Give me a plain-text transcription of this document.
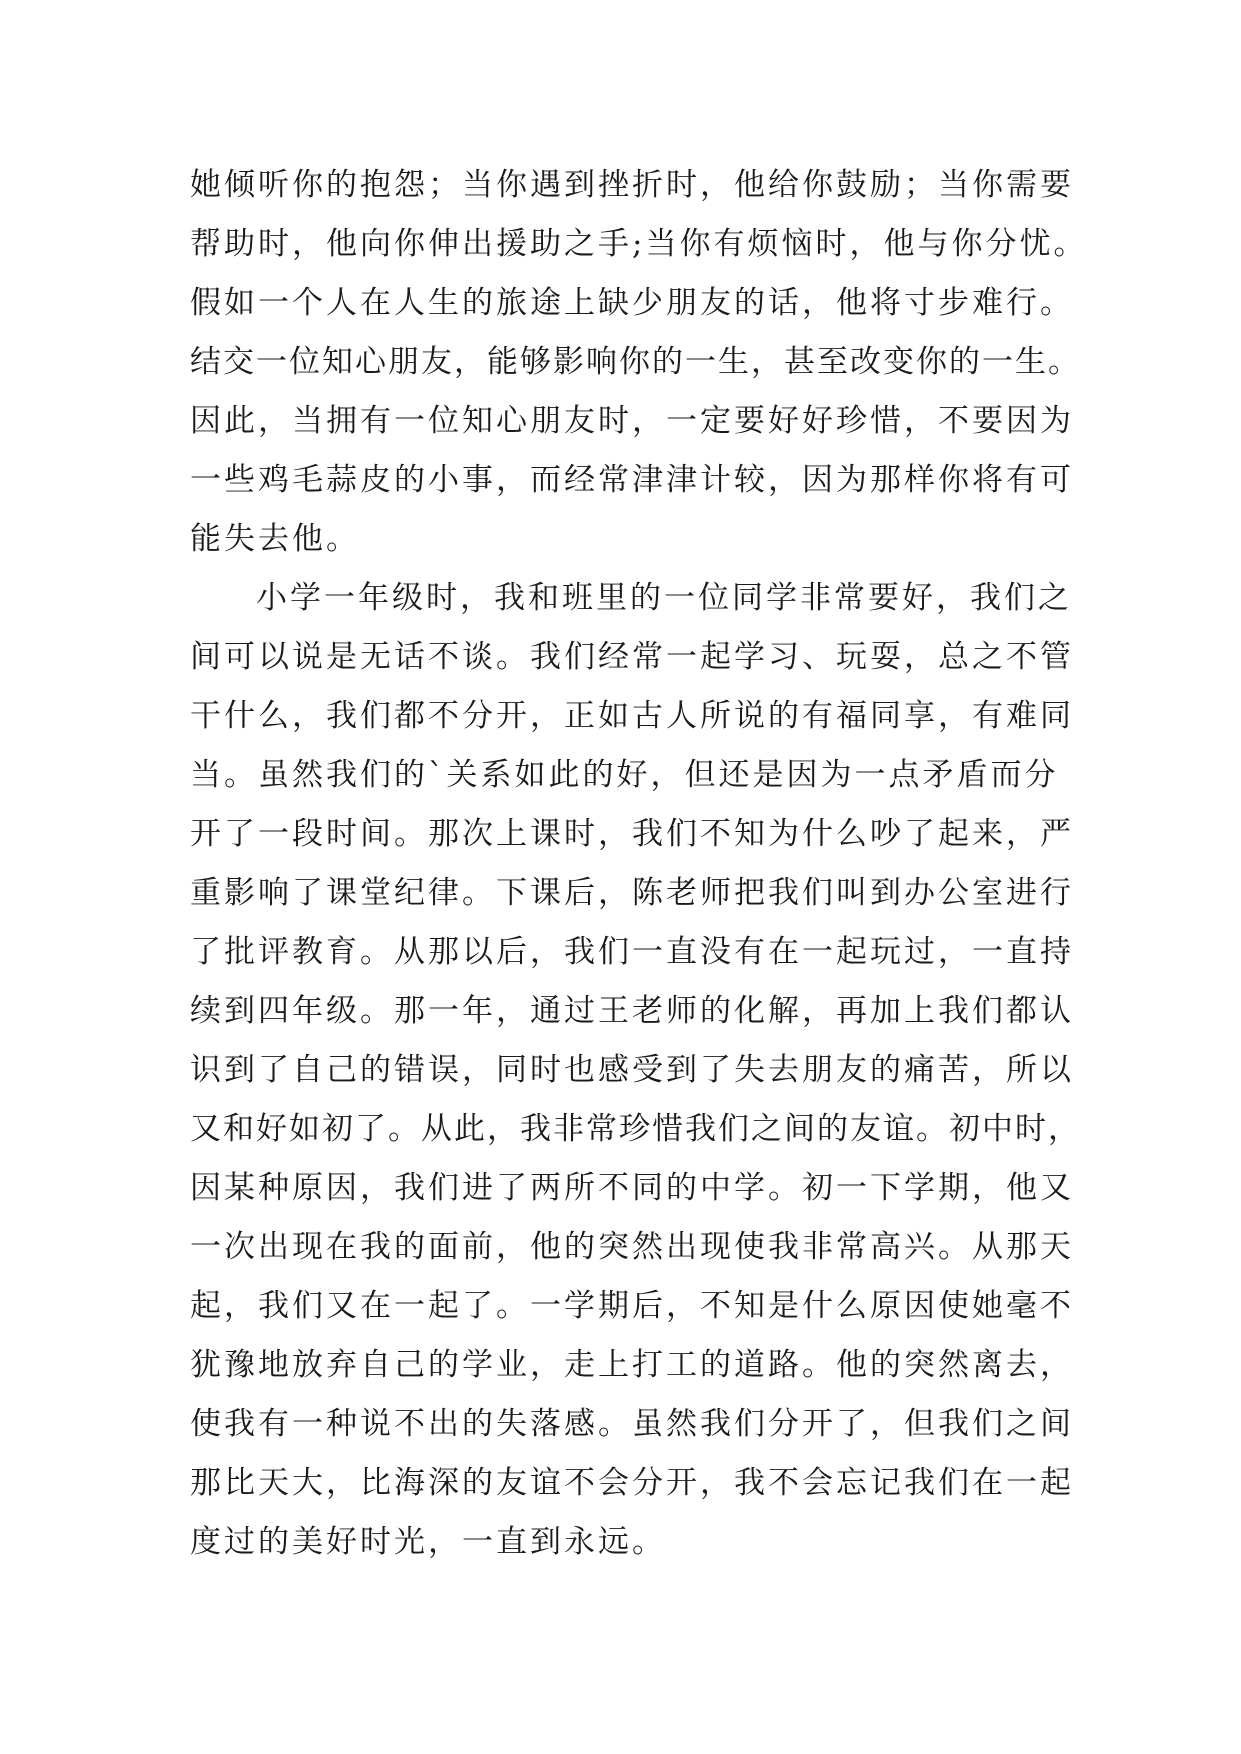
她倾听你的抱怨；当你遇到挫折时，他给你鼓励；当你需要
帮助时，他向你伸出援助之手;当你有烦恼时，他与你分忧。
假如一个人在人生的旅途上缺少朋友的话，他将寸步难行。
结交一位知心朋友，能够影响你的一生，甚至改变你的一生。
因此，当拥有一位知心朋友时，一定要好好珍惜，不要因为
一些鸡毛蒜皮的小事，而经常津津计较，因为那样你将有可
能失去他。
小学一年级时，我和班里的一位同学非常要好，我们之
间可以说是无话不谈。我们经常一起学习、玩耍，总之不管
干什么，我们都不分开，正如古人所说的有福同享，有难同
当。虽然我们的`关系如此的好，但还是因为一点矛盾而分
开了一段时间。那次上课时，我们不知为什么吵了起来，严
重影响了课堂纪律。下课后，陈老师把我们叫到办公室进行
了批评教育。从那以后，我们一直没有在一起玩过，一直持
续到四年级。那一年，通过王老师的化解，再加上我们都认
识到了自己的错误，同时也感受到了失去朋友的痛苦，所以
又和好如初了。从此，我非常珍惜我们之间的友谊。初中时，
因某种原因，我们进了两所不同的中学。初一下学期，他又
一次出现在我的面前，他的突然出现使我非常高兴。从那天
起，我们又在一起了。一学期后，不知是什么原因使她毫不
犹豫地放弃自己的学业，走上打工的道路。他的突然离去，
使我有一种说不出的失落感。虽然我们分开了，但我们之间
那比天大，比海深的友谊不会分开，我不会忘记我们在一起
度过的美好时光，一直到永远。
